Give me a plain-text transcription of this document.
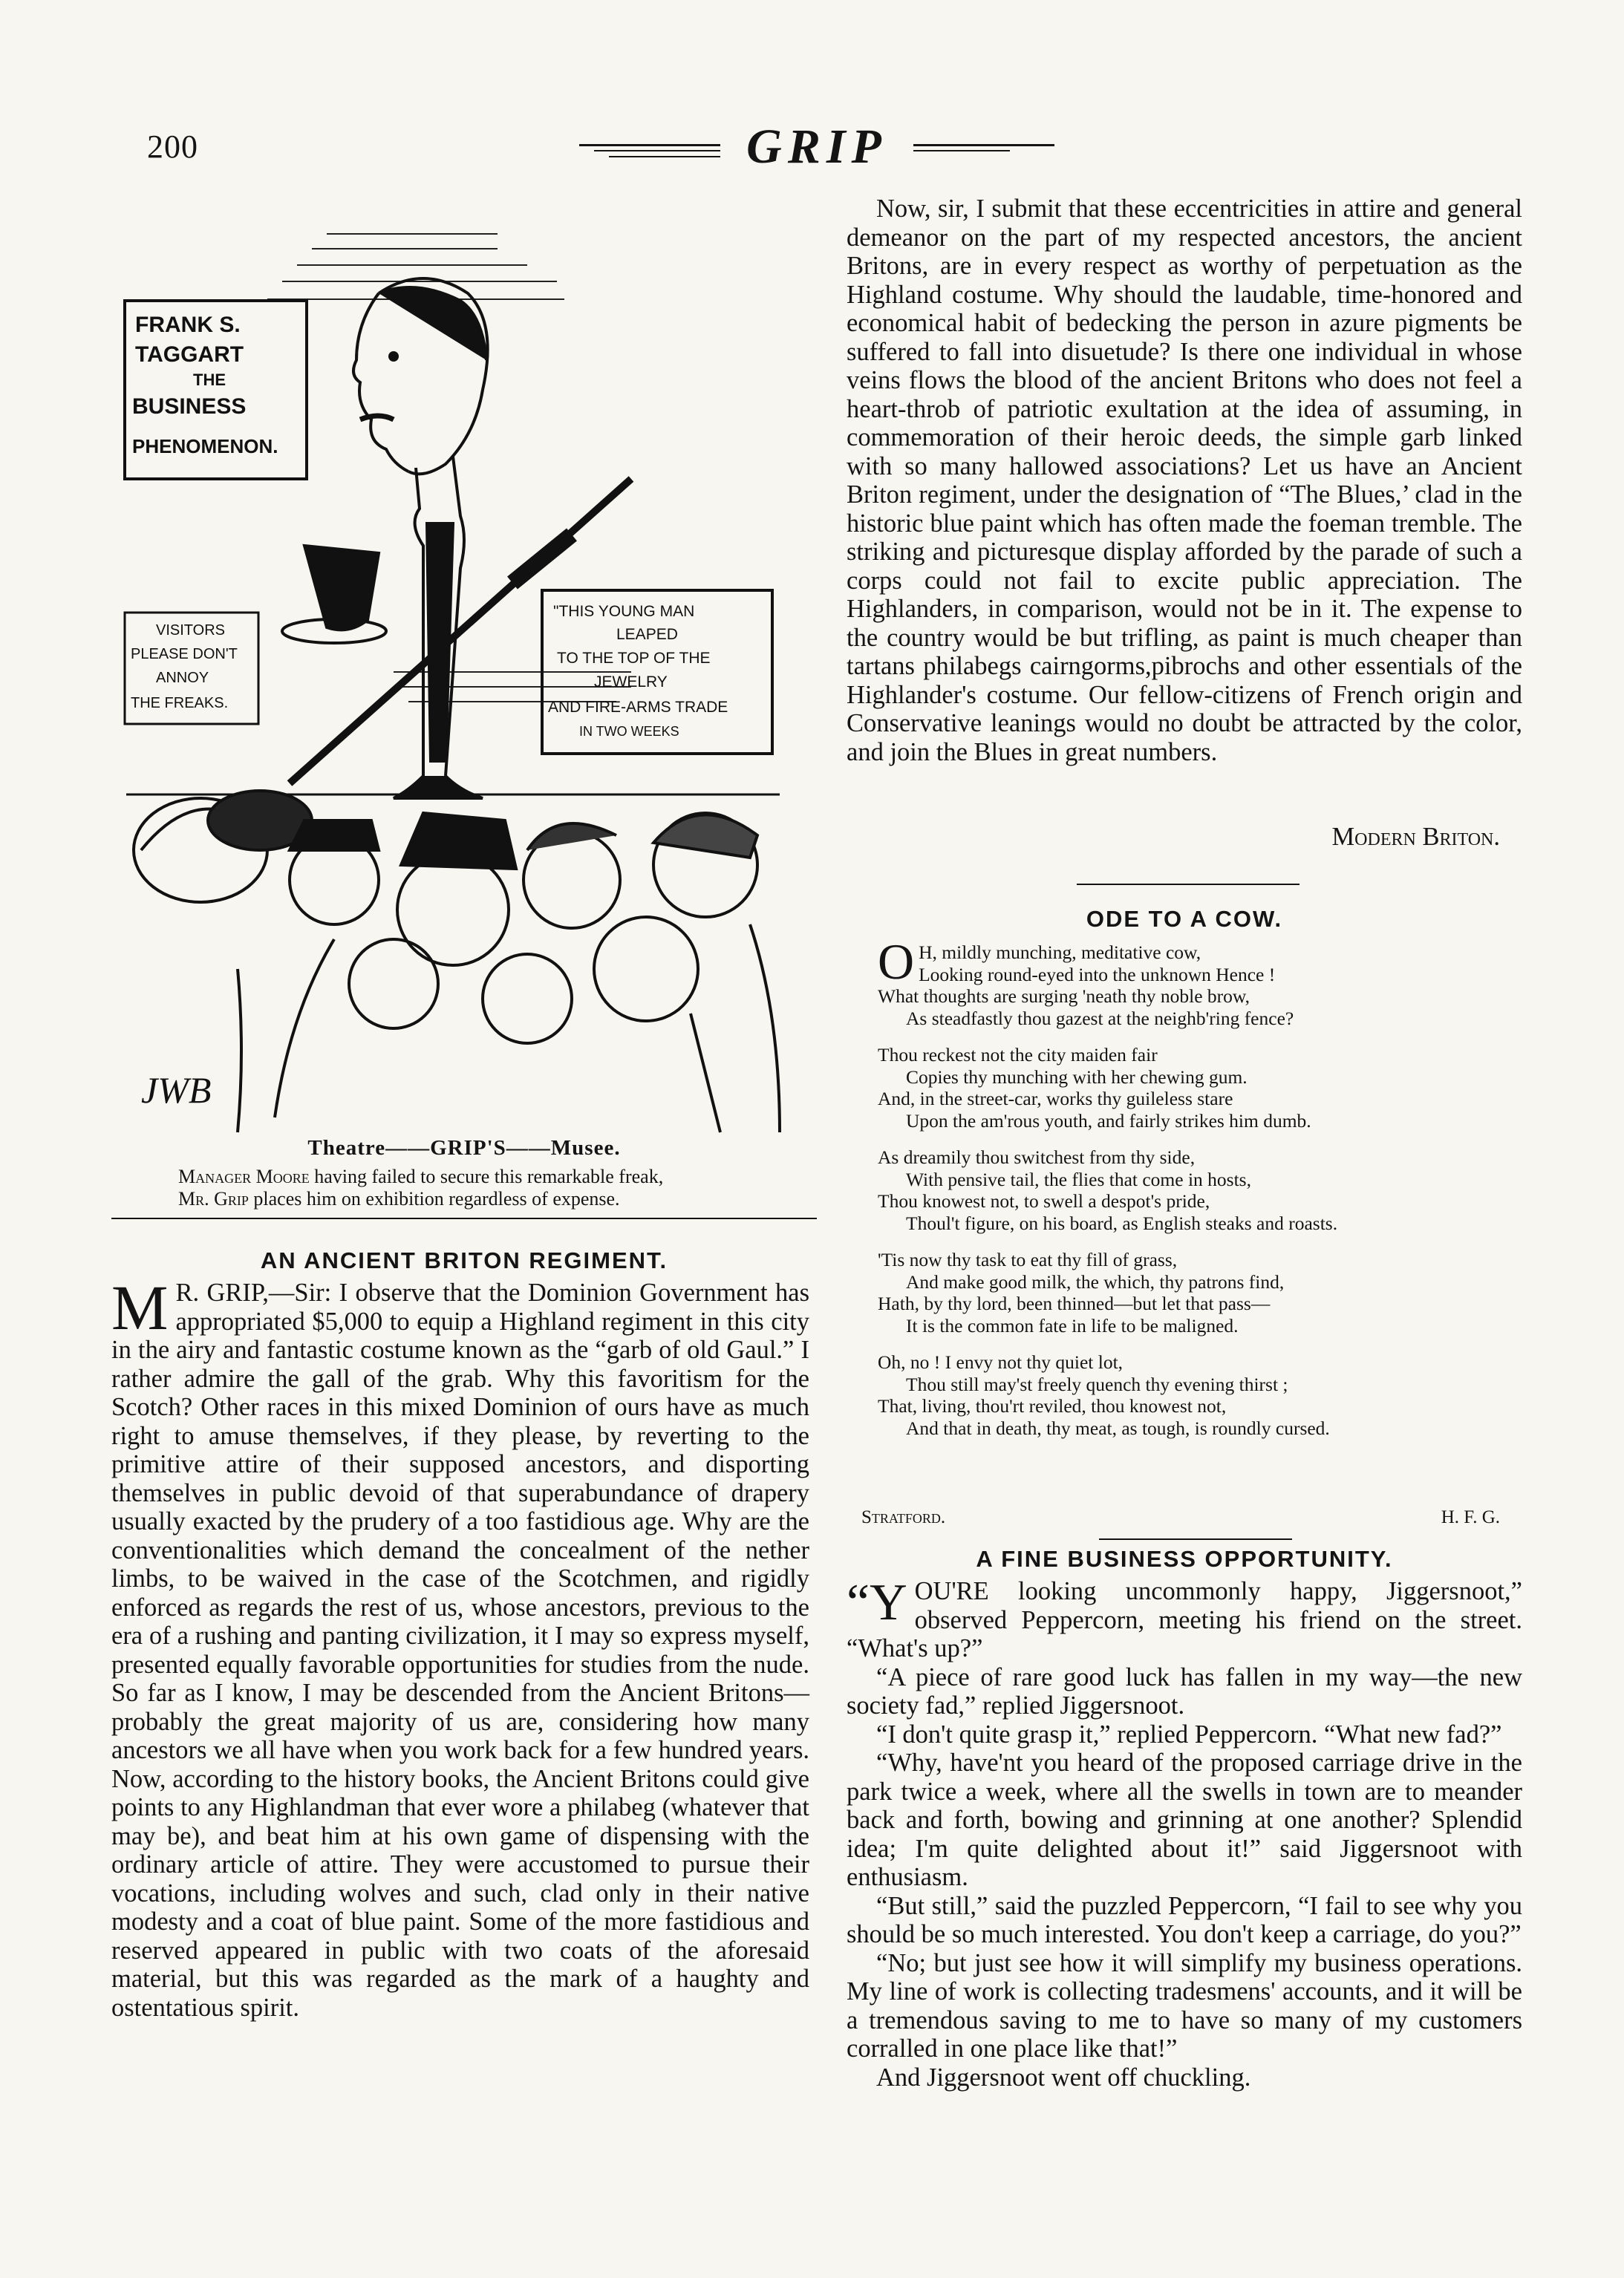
200	GRIP
FRANK S.
TAGGART
THE
BUSINESS
PHENOMENON.
VISITORS
PLEASE DON'T
ANNOY
THE FREAKS.
"THIS YOUNG MAN
LEAPED
TO THE TOP OF THE
JEWELRY
AND FIRE-ARMS TRADE
IN TWO WEEKS
JWB
Theatre——GRIP'S——Musee.
Manager Moore having failed to secure this remarkable freak,
Mr. Grip places him on exhibition regardless of expense.
AN ANCIENT BRITON REGIMENT.

M R. GRIP,—Sir: I observe that the Dominion Government has appropriated $5,000 to equip a Highland regiment in this city in the airy and fantastic costume known as the “garb of old Gaul.” I rather admire the gall of the grab. Why this favoritism for the Scotch? Other races in this mixed Dominion of ours have as much right to amuse themselves, if they please, by reverting to the primitive attire of their supposed ancestors, and disporting themselves in public devoid of that superabundance of drapery usually exacted by the prudery of a too fastidious age. Why are the conventionalities which demand the concealment of the nether limbs, to be waived in the case of the Scotchmen, and rigidly enforced as regards the rest of us, whose ancestors, previous to the era of a rushing and panting civilization, it I may so express myself, presented equally favorable opportunities for studies from the nude. So far as I know, I may be descended from the Ancient Britons—probably the great majority of us are, considering how many ancestors we all have when you work back for a few hundred years. Now, according to the history books, the Ancient Britons could give points to any Highlandman that ever wore a philabeg (whatever that may be), and beat him at his own game of dispensing with the ordinary article of attire. They were accustomed to pursue their vocations, including wolves and such, clad only in their native modesty and a coat of blue paint. Some of the more fastidious and reserved appeared in public with two coats of the aforesaid material, but this was regarded as the mark of a haughty and ostentatious spirit.

Now, sir, I submit that these eccentricities in attire and general demeanor on the part of my respected ancestors, the ancient Britons, are in every respect as worthy of perpetuation as the Highland costume. Why should the laudable, time-honored and economical habit of bedecking the person in azure pigments be suffered to fall into disuetude? Is there one individual in whose veins flows the blood of the ancient Britons who does not feel a heart-throb of patriotic exultation at the idea of assuming, in commemoration of their heroic deeds, the simple garb linked with so many hallowed associations? Let us have an Ancient Briton regiment, under the designation of “The Blues,’ clad in the historic blue paint which has often made the foeman tremble. The striking and picturesque display afforded by the parade of such a corps could not fail to excite public appreciation. The Highlanders, in comparison, would not be in it. The expense to the country would be but trifling, as paint is much cheaper than tartans philabegs cairngorms,pibrochs and other essentials of the Highlander's costume. Our fellow-citizens of French origin and Conservative leanings would no doubt be attracted by the color, and join the Blues in great numbers.

Modern Briton.
ODE TO A COW.
O H, mildly munching, meditative cow,
Looking round-eyed into the unknown Hence !
What thoughts are surging 'neath thy noble brow,
As steadfastly thou gazest at the neighb'ring fence?
Thou reckest not the city maiden fair
Copies thy munching with her chewing gum.
And, in the street-car, works thy guileless stare
Upon the am'rous youth, and fairly strikes him dumb.
As dreamily thou switchest from thy side,
With pensive tail, the flies that come in hosts,
Thou knowest not, to swell a despot's pride,
Thoul't figure, on his board, as English steaks and roasts.
'Tis now thy task to eat thy fill of grass,
And make good milk, the which, thy patrons find,
Hath, by thy lord, been thinned—but let that pass—
It is the common fate in life to be maligned.
Oh, no ! I envy not thy quiet lot,
Thou still may'st freely quench thy evening thirst ;
That, living, thou'rt reviled, thou knowest not,
And that in death, thy meat, as tough, is roundly cursed.
Stratford.	H. F. G.
A FINE BUSINESS OPPORTUNITY.

“YOU'RE looking uncommonly happy, Jiggersnoot,” observed Peppercorn, meeting his friend on the street. “What's up?”

“A piece of rare good luck has fallen in my way—the new society fad,” replied Jiggersnoot.

“I don't quite grasp it,” replied Peppercorn. “What new fad?”

“Why, have'nt you heard of the proposed carriage drive in the park twice a week, where all the swells in town are to meander back and forth, bowing and grinning at one another? Splendid idea; I'm quite delighted about it!” said Jiggersnoot with enthusiasm.

“But still,” said the puzzled Peppercorn, “I fail to see why you should be so much interested. You don't keep a carriage, do you?”

“No; but just see how it will simplify my business operations. My line of work is collecting tradesmens' accounts, and it will be a tremendous saving to me to have so many of my customers corralled in one place like that!”

And Jiggersnoot went off chuckling.
